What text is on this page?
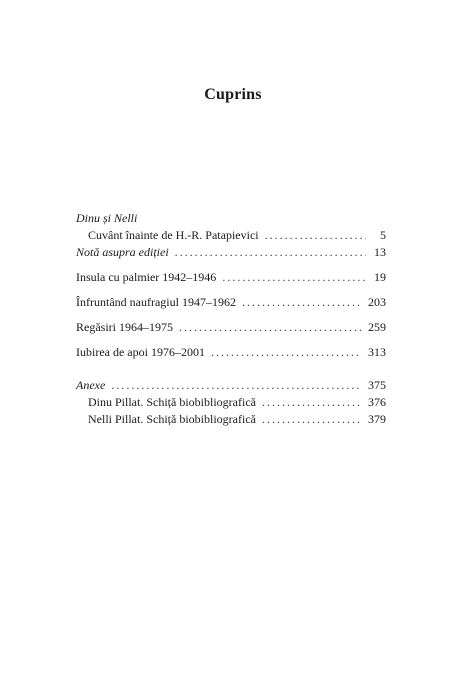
Cuprins
Dinu și Nelli
Cuvânt înainte de H.-R. Patapievici .....	5
Notă asupra ediției .....	13
Insula cu palmier 1942–1946 .....	19
Înfruntând naufragiul 1947–1962 .....	203
Regăsiri 1964–1975 .....	259
Iubirea de apoi 1976–2001 .....	313
Anexe .....	375
Dinu Pillat. Schiță biobibliografică .....	376
Nelli Pillat. Schiță biobibliografică .....	379
